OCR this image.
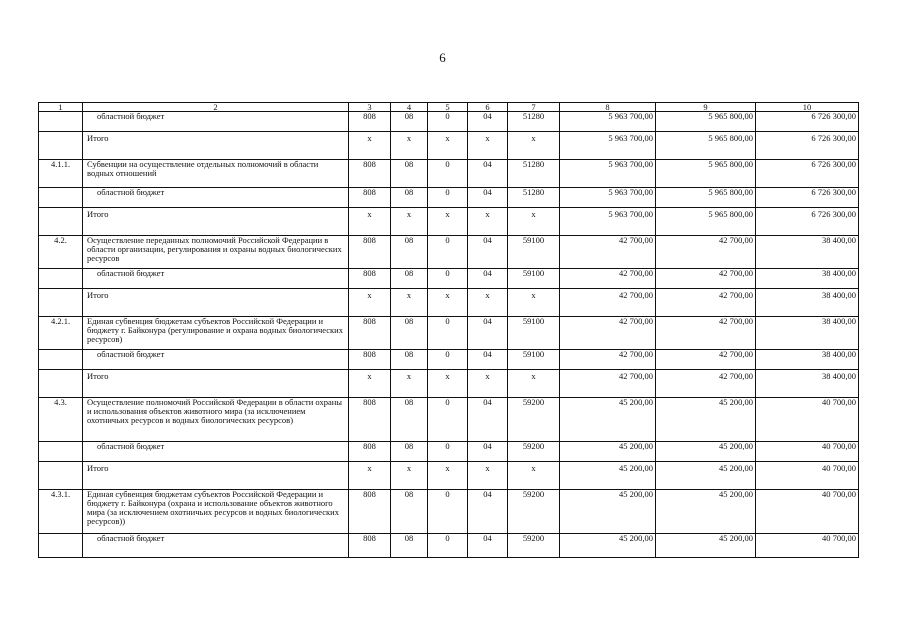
6
1	2	3	4	5	6	7	8	9	10
	областной бюджет	808	08	0	04	51280	5 963 700,00	5 965 800,00	6 726 300,00
	Итого	х	х	х	х	х	5 963 700,00	5 965 800,00	6 726 300,00
4.1.1.	Субвенции на осуществление отдельных полномочий в области водных отношений	808	08	0	04	51280	5 963 700,00	5 965 800,00	6 726 300,00
	областной бюджет	808	08	0	04	51280	5 963 700,00	5 965 800,00	6 726 300,00
	Итого	х	х	х	х	х	5 963 700,00	5 965 800,00	6 726 300,00
4.2.	Осуществление переданных полномочий Российской Федерации в области организации, регулирования и охраны водных биологических ресурсов	808	08	0	04	59100	42 700,00	42 700,00	38 400,00
	областной бюджет	808	08	0	04	59100	42 700,00	42 700,00	38 400,00
	Итого	х	х	х	х	х	42 700,00	42 700,00	38 400,00
4.2.1.	Единая субвенция бюджетам субъектов Российской Федерации и бюджету г. Байконура (регулирование и охрана водных биологических ресурсов)	808	08	0	04	59100	42 700,00	42 700,00	38 400,00
	областной бюджет	808	08	0	04	59100	42 700,00	42 700,00	38 400,00
	Итого	х	х	х	х	х	42 700,00	42 700,00	38 400,00
4.3.	Осуществление полномочий Российской Федерации в области охраны и использования объектов животного мира (за исключением охотничьих ресурсов и водных биологических ресурсов)	808	08	0	04	59200	45 200,00	45 200,00	40 700,00
	областной бюджет	808	08	0	04	59200	45 200,00	45 200,00	40 700,00
	Итого	х	х	х	х	х	45 200,00	45 200,00	40 700,00
4.3.1.	Единая субвенция бюджетам субъектов Российской Федерации и бюджету г. Байконура (охрана и использование объектов животного мира (за исключением охотничьих ресурсов и водных биологических ресурсов))	808	08	0	04	59200	45 200,00	45 200,00	40 700,00
	областной бюджет	808	08	0	04	59200	45 200,00	45 200,00	40 700,00
